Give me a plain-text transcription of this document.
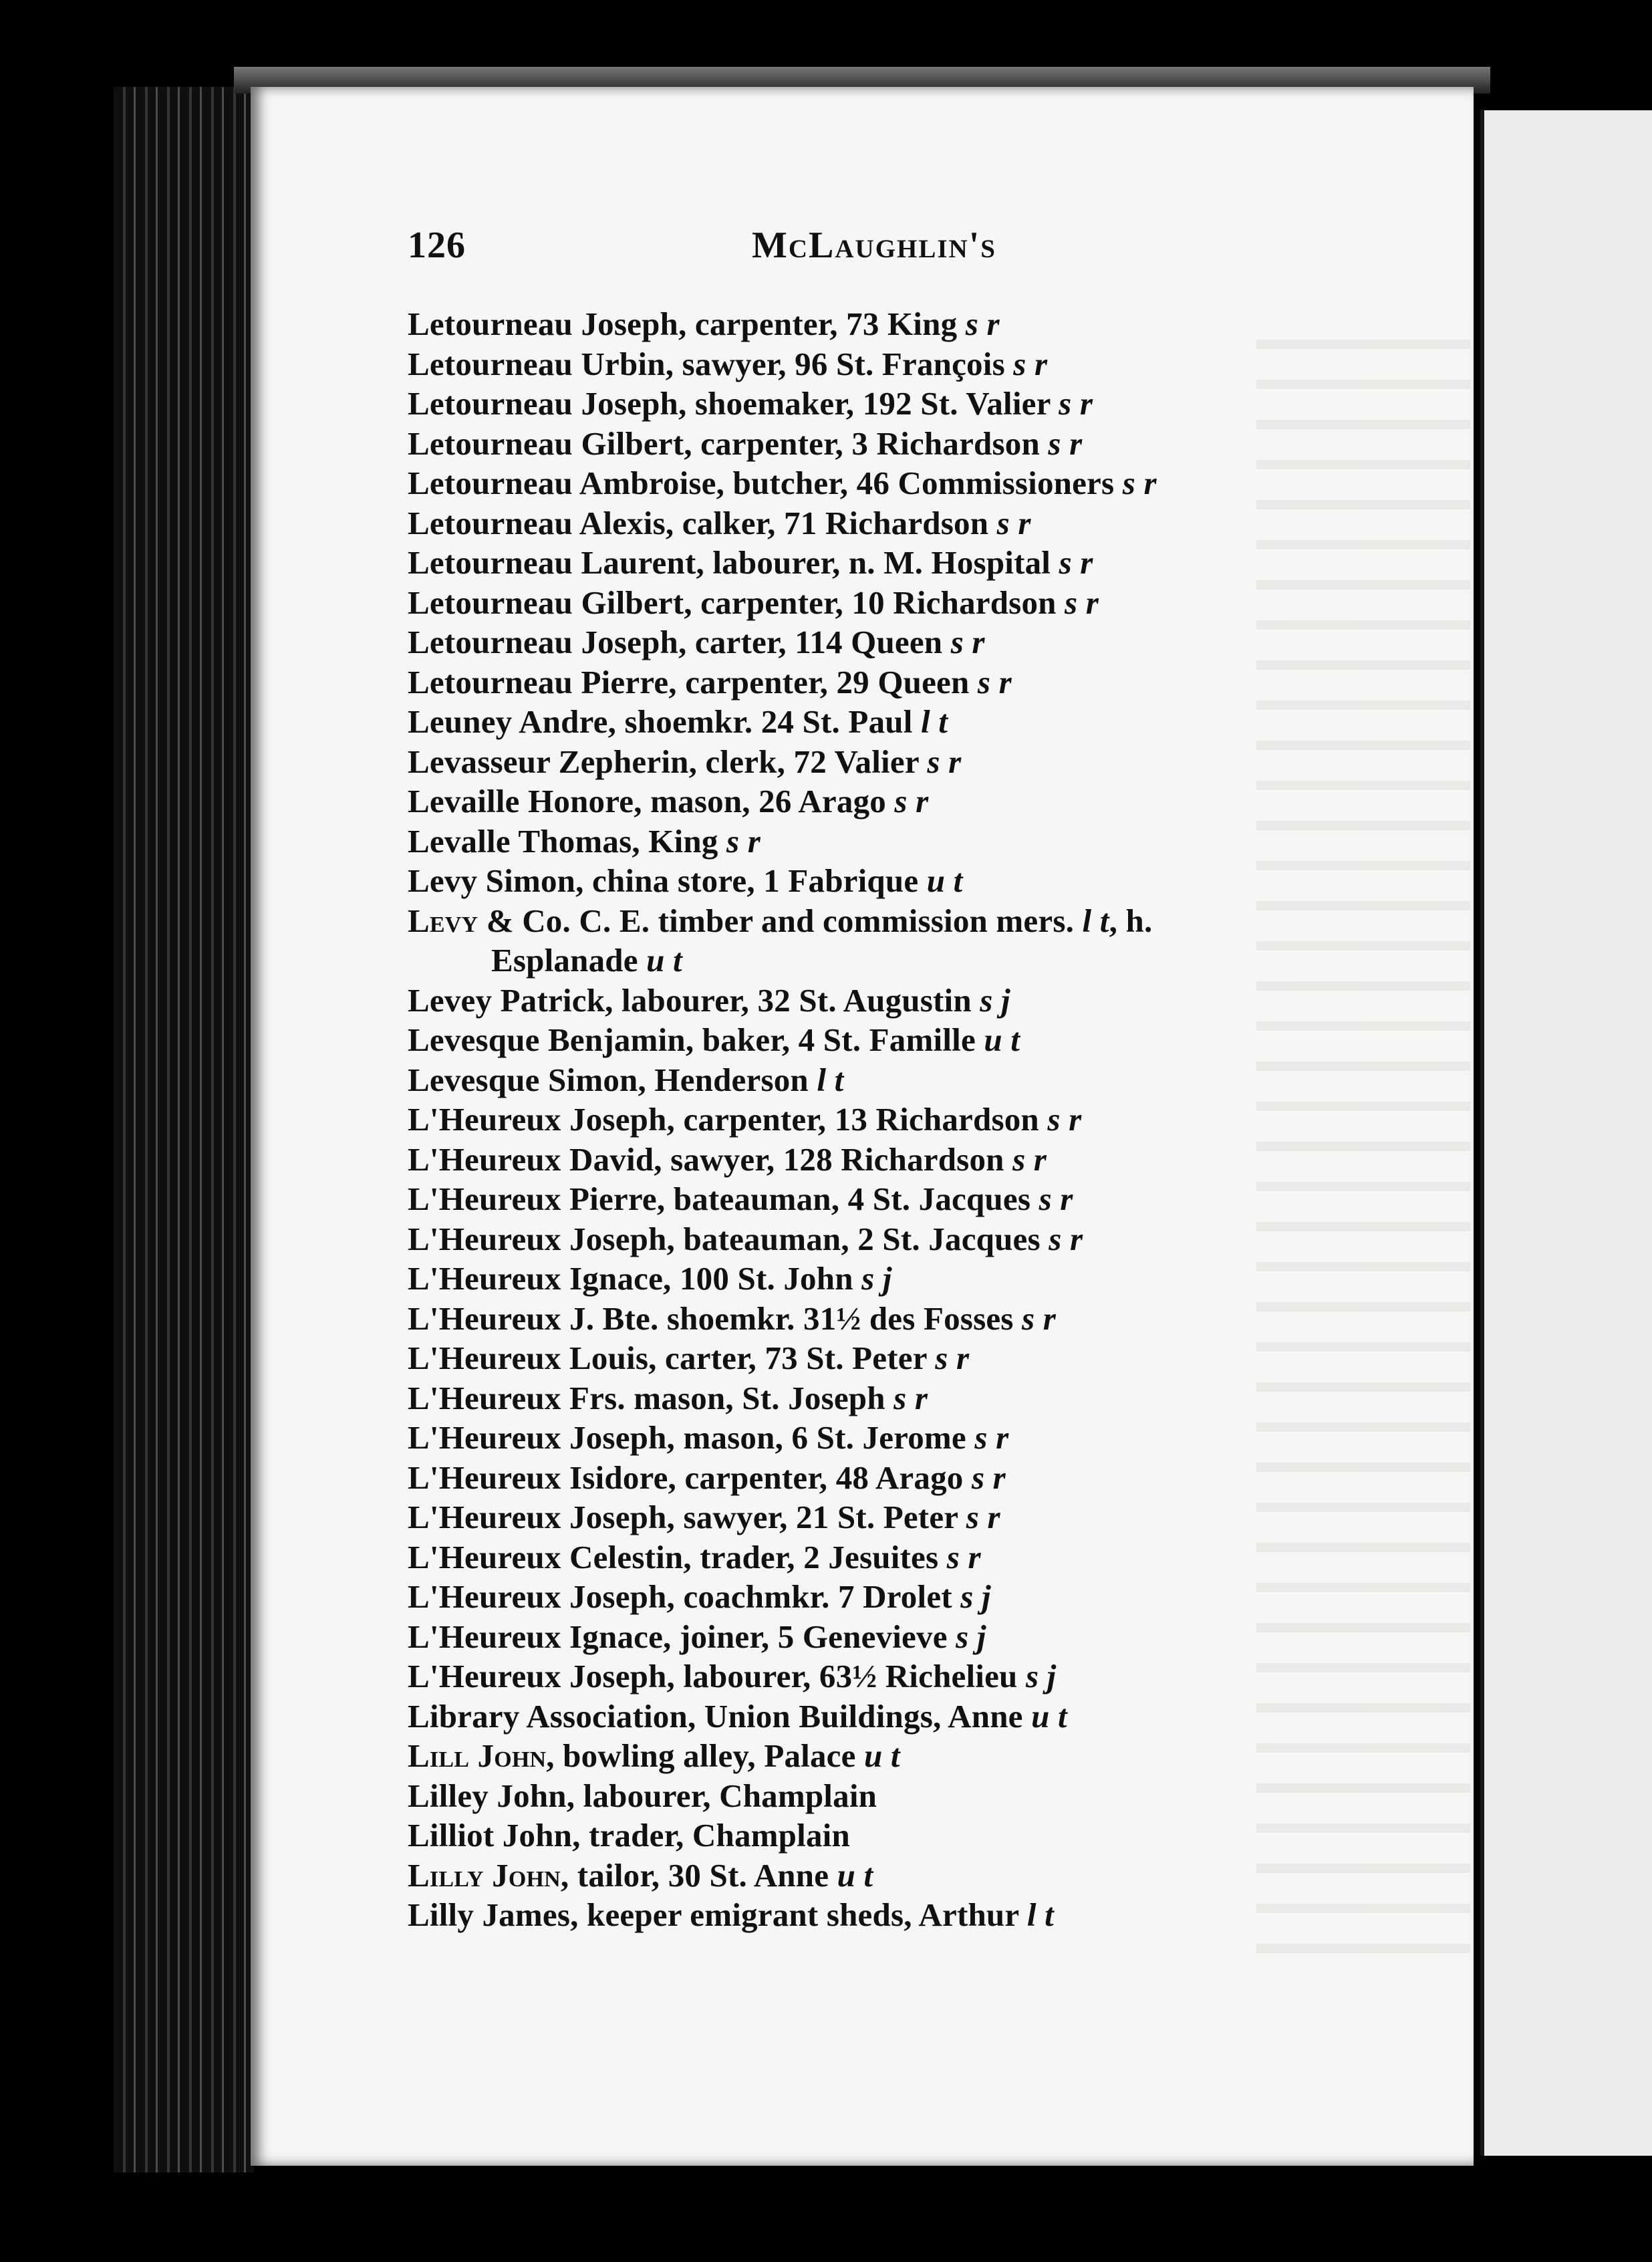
126	McLaughlin's
Letourneau Joseph, carpenter, 73 King s r
Letourneau Urbin, sawyer, 96 St. François s r
Letourneau Joseph, shoemaker, 192 St. Valier s r
Letourneau Gilbert, carpenter, 3 Richardson s r
Letourneau Ambroise, butcher, 46 Commissioners s r
Letourneau Alexis, calker, 71 Richardson s r
Letourneau Laurent, labourer, n. M. Hospital s r
Letourneau Gilbert, carpenter, 10 Richardson s r
Letourneau Joseph, carter, 114 Queen s r
Letourneau Pierre, carpenter, 29 Queen s r
Leuney Andre, shoemkr. 24 St. Paul l t
Levasseur Zepherin, clerk, 72 Valier s r
Levaille Honore, mason, 26 Arago s r
Levalle Thomas, King s r
Levy Simon, china store, 1 Fabrique u t
Levy & Co. C. E. timber and commission mers. l t, h.
Esplanade u t
Levey Patrick, labourer, 32 St. Augustin s j
Levesque Benjamin, baker, 4 St. Famille u t
Levesque Simon, Henderson l t
L'Heureux Joseph, carpenter, 13 Richardson s r
L'Heureux David, sawyer, 128 Richardson s r
L'Heureux Pierre, bateauman, 4 St. Jacques s r
L'Heureux Joseph, bateauman, 2 St. Jacques s r
L'Heureux Ignace, 100 St. John s j
L'Heureux J. Bte. shoemkr. 31½ des Fosses s r
L'Heureux Louis, carter, 73 St. Peter s r
L'Heureux Frs. mason, St. Joseph s r
L'Heureux Joseph, mason, 6 St. Jerome s r
L'Heureux Isidore, carpenter, 48 Arago s r
L'Heureux Joseph, sawyer, 21 St. Peter s r
L'Heureux Celestin, trader, 2 Jesuites s r
L'Heureux Joseph, coachmkr. 7 Drolet s j
L'Heureux Ignace, joiner, 5 Genevieve s j
L'Heureux Joseph, labourer, 63½ Richelieu s j
Library Association, Union Buildings, Anne u t
Lill John, bowling alley, Palace u t
Lilley John, labourer, Champlain
Lilliot John, trader, Champlain
Lilly John, tailor, 30 St. Anne u t
Lilly James, keeper emigrant sheds, Arthur l t
